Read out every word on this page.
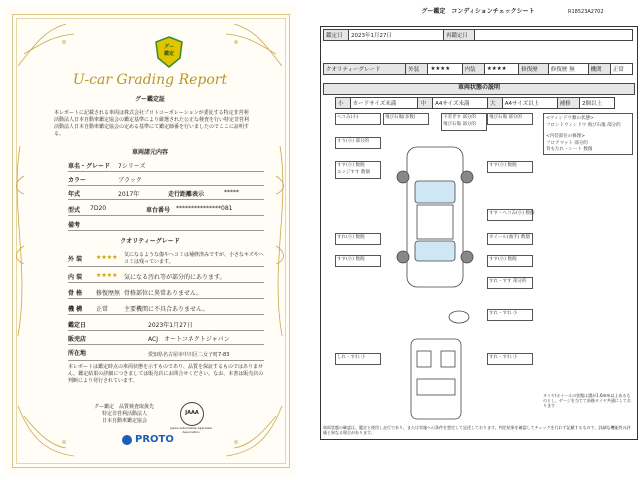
グー
鑑定
U-car Grading Report
グー鑑定証
本レポートに記載される車両は株式会社プロトコーポレーションが委託する特定非営利活動法人日本自動車鑑定協会の鑑定基準により厳選された公正な検査を行い特定非営利活動法人日本自動車鑑定協会の定める基準にて鑑定師番を行いましたのでここに証明する。
車両諸元内容
車名・グレード 7シリーズ
カラー	ブラック
年式	2017年	走行距離表示	*****
型式 7D20	車台番号 ***************081
備考
クオリティーグレード
外 装 ★★★★ 気になるような傷やヘコミは補修済みですが、小さなキズやヘコミは残っています。
内 装 ★★★★ 気になる汚れ等が部分的にあります。
骨 格 修復歴無 骨格部位に異常ありません。
機 構 正常	主要機関に不具合ありません。
鑑定日	2023年1月27日
販売店	ACJ　オートコネクトジャパン
所在地	愛知県名古屋市中川区二女子町7-83
本レポートは鑑定時点の車両状態を示すものであり、品質を保証するものではありません。鑑定結果の詳細につきましては販売店にお問合せください。なお、本書は販売店の判断により発行されています。
グー鑑定　品質検査取扱先
特定非営利活動法人
日本自動車鑑定協会
JAAA
Japan Automobile Appraisal Association
PROTO
グー鑑定　コンディションチェックシート	R18523A2702
鑑定日	2023年1月27日	再鑑定日	
クオリティーグレード	外装	★★★★	内装	★★★★	修復歴	修復歴 無	機関	正常
車両状態の説明
小	カードサイズ未満	中	A4サイズ未満	大	A4サイズ以上	補修	2個以上
ヘコみ(小)	飛び石傷(多数)	下差ぎす 部分的
飛び石傷 部分的
飛び石傷 部分的
すり(小) 部分的
すす(小) 数個
エッジすす 数個
すす(小) 数個
すす・ヘコみ(小) 数個
すれ(小) 数個	ホイール(曲手) 数個
すす(小) 数個	すす(小) 数個
すれ・すす 部分的
すれ・すれ 小
しれ・すれ 小	すれ・すれ 小
<ウィンドウ類の状態>
フロントウィンドウ 飛び石傷 部分的
<内装部位の修理>
フロアマット 部分的
背もたれ・シート 数個
タイヤ/ホイールの状態は溝が1.6mm以上あるものとし、ゲージを当てて前後タイヤ共通にしております
車両状態の確認は、鑑定と使用し走行であり、または実施への条件を想定して記述しております。判定結果を確認してチェックを行わず記載するもので、詳細な機能性の評価と異なる場合があります。
